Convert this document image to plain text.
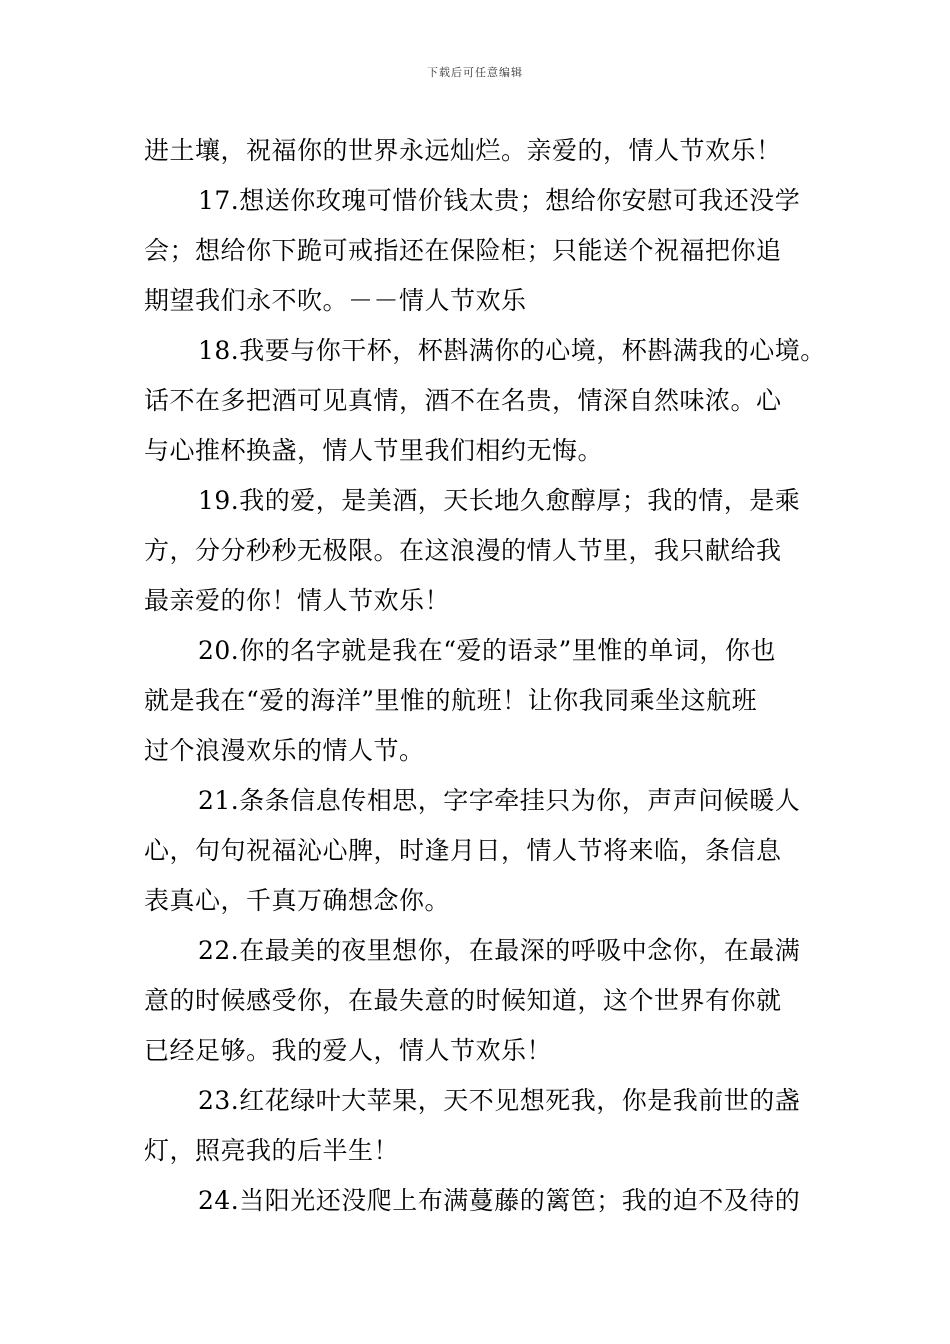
下载后可任意编辑
进土壤，祝福你的世界永远灿烂。亲爱的，情人节欢乐！
17.想送你玫瑰可惜价钱太贵；想给你安慰可我还没学
会；想给你下跪可戒指还在保险柜；只能送个祝福把你追
期望我们永不吹。－－情人节欢乐
18.我要与你干杯，杯斟满你的心境，杯斟满我的心境。
话不在多把酒可见真情，酒不在名贵，情深自然味浓。心
与心推杯换盏，情人节里我们相约无悔。
19.我的爱，是美酒，天长地久愈醇厚；我的情，是乘
方，分分秒秒无极限。在这浪漫的情人节里，我只献给我
最亲爱的你！情人节欢乐！
20.你的名字就是我在“爱的语录”里惟的单词，你也
就是我在“爱的海洋”里惟的航班！让你我同乘坐这航班
过个浪漫欢乐的情人节。
21.条条信息传相思，字字牵挂只为你，声声问候暖人
心，句句祝福沁心脾，时逢月日，情人节将来临，条信息
表真心，千真万确想念你。
22.在最美的夜里想你，在最深的呼吸中念你，在最满
意的时候感受你，在最失意的时候知道，这个世界有你就
已经足够。我的爱人，情人节欢乐！
23.红花绿叶大苹果，天不见想死我，你是我前世的盏
灯，照亮我的后半生！
24.当阳光还没爬上布满蔓藤的篱笆；我的迫不及待的
